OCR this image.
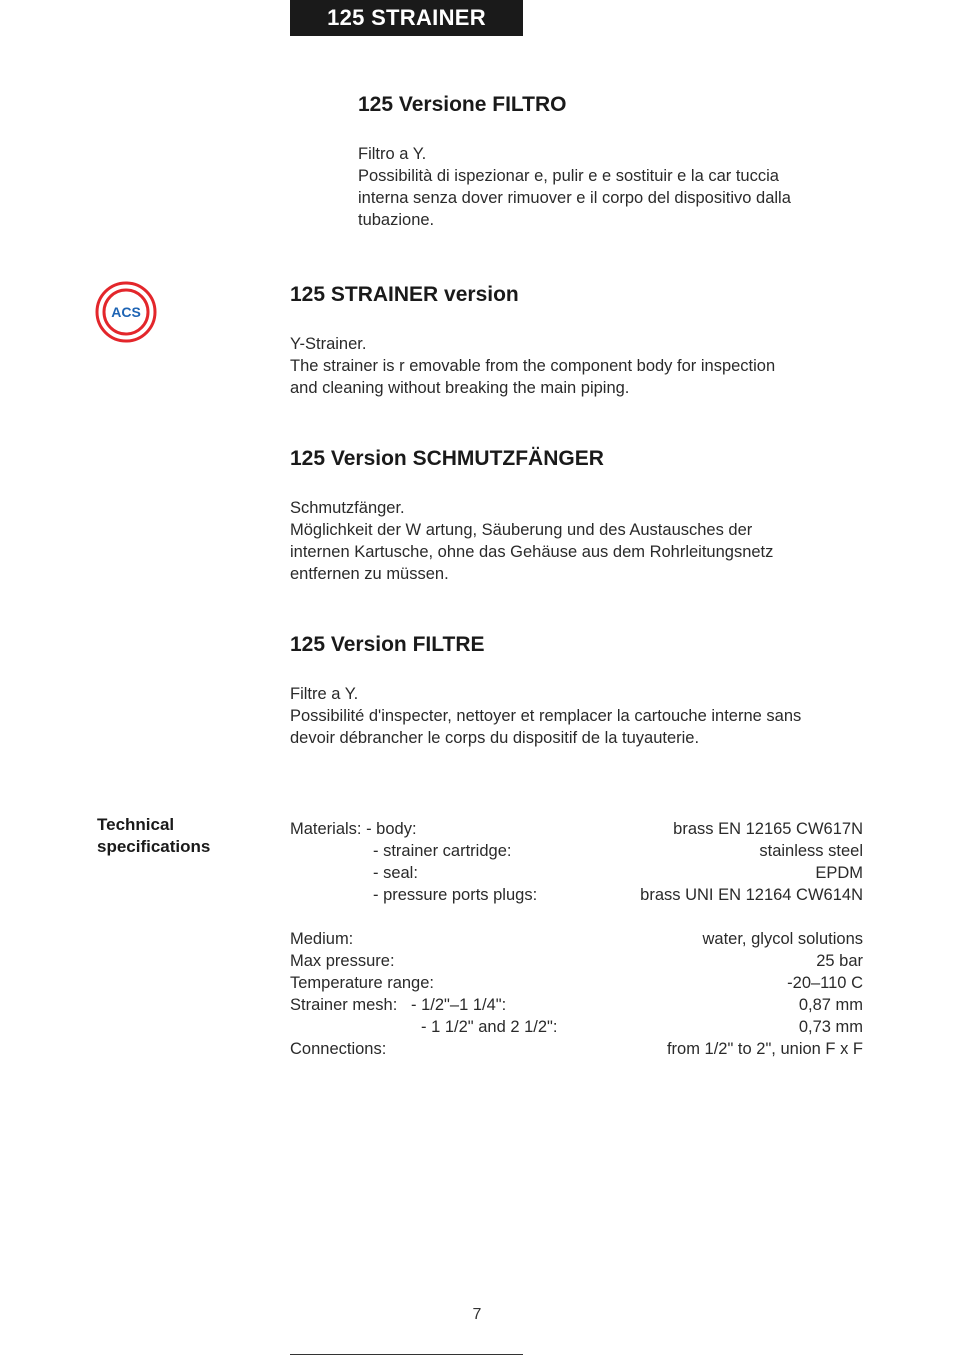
125 STRAINER
125 Versione FILTRO
Filtro a Y.
Possibilità di ispezionar e, pulir e e sostituir e la car tuccia
interna senza dover rimuover e il corpo del dispositivo dalla
tubazione.
ACS
125 STRAINER version
Y-Strainer.
The strainer is r emovable from the component body for inspection
and cleaning without breaking the main piping.
125 Version SCHMUTZFÄNGER
Schmutzfänger.
Möglichkeit der W artung, Säuberung und des Austausches der
internen Kartusche, ohne das Gehäuse aus dem Rohrleitungsnetz
entfernen zu müssen.
125 Version FILTRE
Filtre a Y.
Possibilité d'inspecter, nettoyer et remplacer la cartouche interne sans
devoir débrancher le corps du dispositif de la tuyauterie.
Technical
specifications
Materials: - body:	brass EN 12165 CW617N
- strainer cartridge:	stainless steel
- seal:	EPDM
- pressure ports plugs:	brass UNI EN 12164 CW614N
Medium:	water, glycol solutions
Max pressure:	25 bar
Temperature range:	-20–110 C
Strainer mesh:   - 1/2"–1 1/4":	0,87 mm
- 1 1/2" and 2 1/2":	0,73 mm
Connections:	from 1/2" to 2", union F x F
7
